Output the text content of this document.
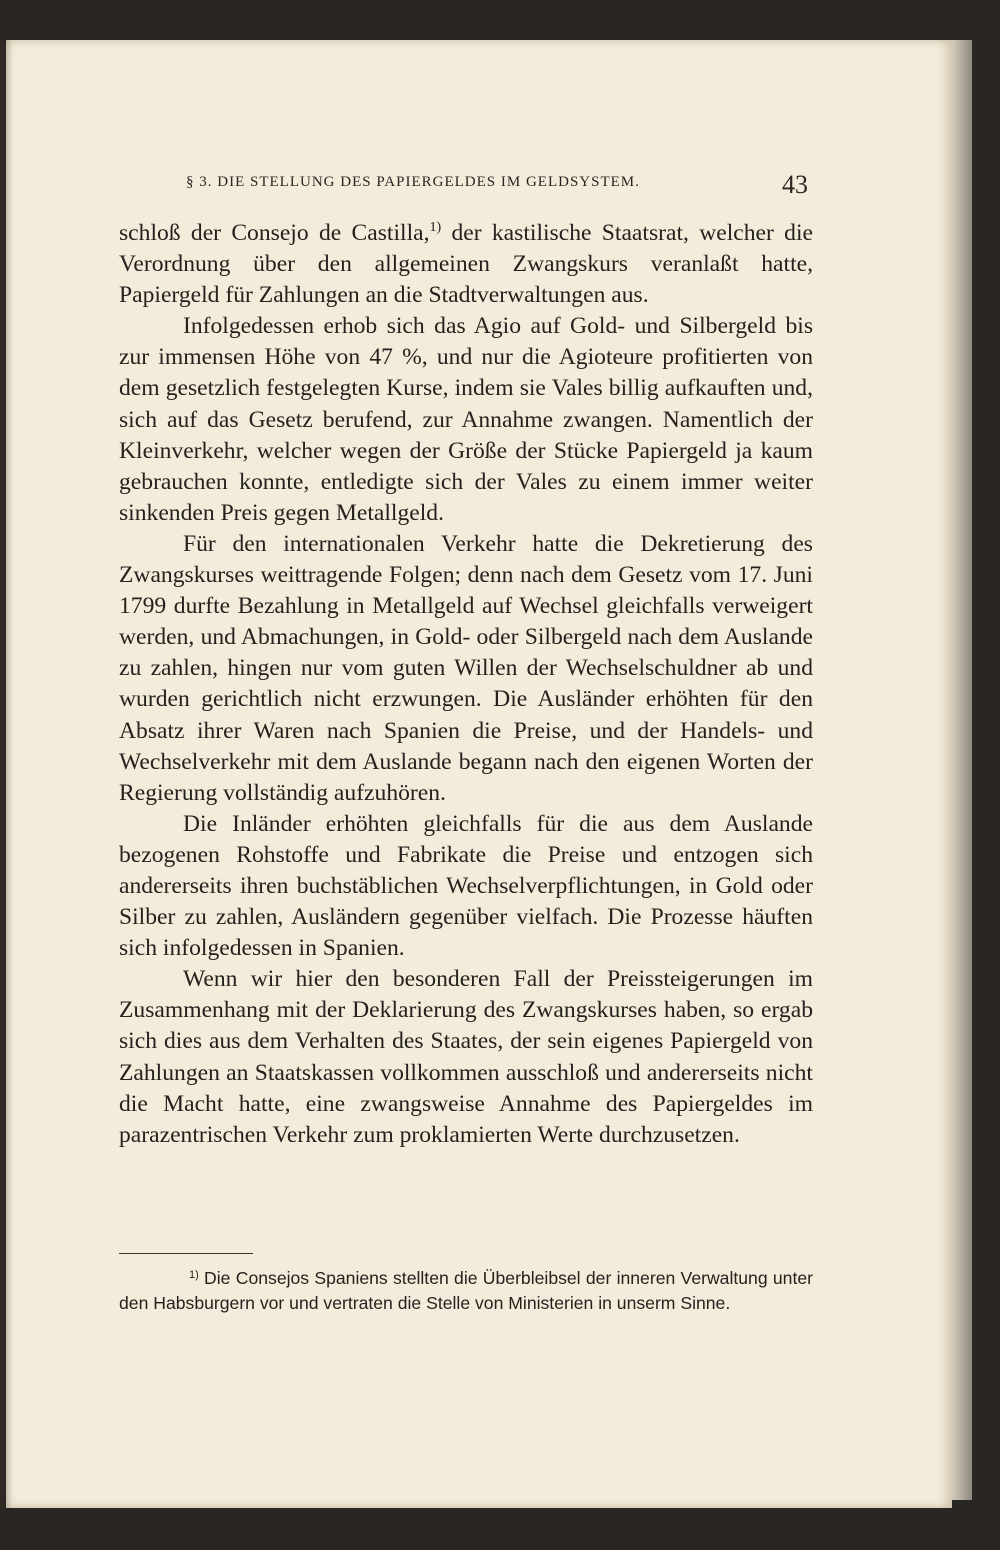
§ 3. DIE STELLUNG DES PAPIERGELDES IM GELDSYSTEM.	43

schloß der Consejo de Castilla,$^{1)}$ der kastilische Staatsrat, welcher die Verordnung über den allgemeinen Zwangskurs veranlaßt hatte, Papiergeld für Zahlungen an die Stadtverwaltungen aus.

Infolgedessen erhob sich das Agio auf Gold- und Silbergeld bis zur immensen Höhe von 47 %, und nur die Agioteure profitierten von dem gesetzlich festgelegten Kurse, indem sie Vales billig aufkauften und, sich auf das Gesetz berufend, zur Annahme zwangen. Namentlich der Kleinverkehr, welcher wegen der Größe der Stücke Papiergeld ja kaum gebrauchen konnte, entledigte sich der Vales zu einem immer weiter sinkenden Preis gegen Metallgeld.

Für den internationalen Verkehr hatte die Dekretierung des Zwangskurses weittragende Folgen; denn nach dem Gesetz vom 17. Juni 1799 durfte Bezahlung in Metallgeld auf Wechsel gleichfalls verweigert werden, und Abmachungen, in Gold- oder Silbergeld nach dem Auslande zu zahlen, hingen nur vom guten Willen der Wechselschuldner ab und wurden gerichtlich nicht erzwungen. Die Ausländer erhöhten für den Absatz ihrer Waren nach Spanien die Preise, und der Handels- und Wechselverkehr mit dem Auslande begann nach den eigenen Worten der Regierung vollständig aufzuhören.

Die Inländer erhöhten gleichfalls für die aus dem Auslande bezogenen Rohstoffe und Fabrikate die Preise und entzogen sich andererseits ihren buchstäblichen Wechselverpflichtungen, in Gold oder Silber zu zahlen, Ausländern gegenüber vielfach. Die Prozesse häuften sich infolgedessen in Spanien.

Wenn wir hier den besonderen Fall der Preissteigerungen im Zusammenhang mit der Deklarierung des Zwangskurses haben, so ergab sich dies aus dem Verhalten des Staates, der sein eigenes Papiergeld von Zahlungen an Staatskassen vollkommen ausschloß und andererseits nicht die Macht hatte, eine zwangsweise Annahme des Papiergeldes im parazentrischen Verkehr zum proklamierten Werte durchzusetzen.

$^{1)}$ Die Consejos Spaniens stellten die Überbleibsel der inneren Verwaltung unter den Habsburgern vor und vertraten die Stelle von Ministerien in unserm Sinne.
